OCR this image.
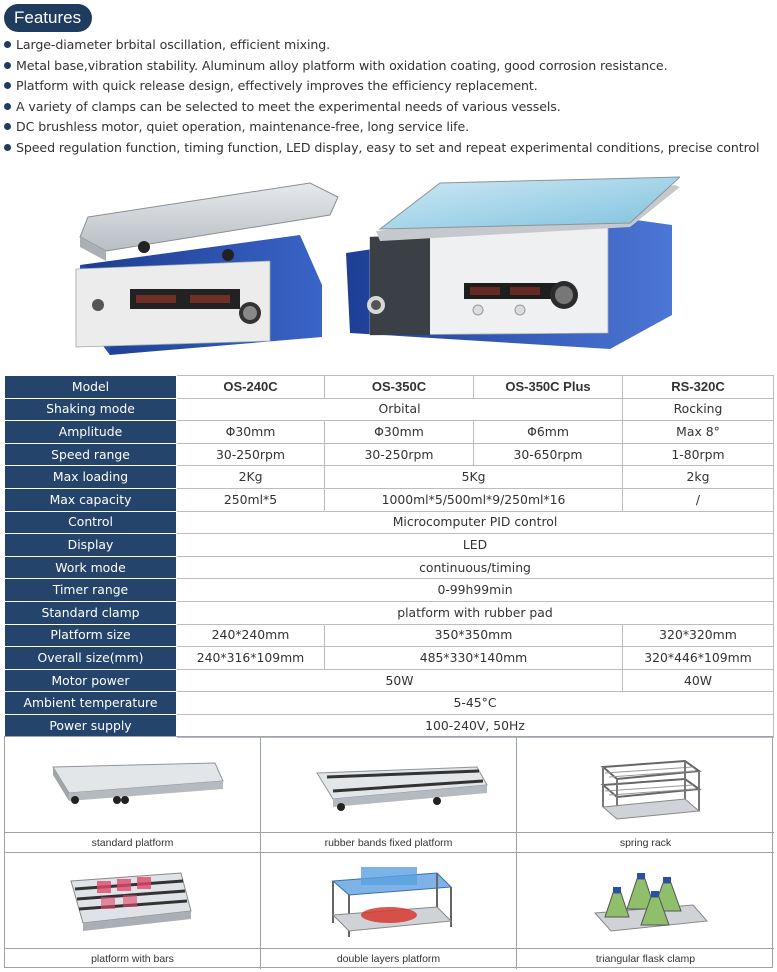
Features
Large-diameter brbital oscillation, efficient mixing.
Metal base,vibration stability. Aluminum alloy platform with oxidation coating, good corrosion resistance.
Platform with quick release design, effectively improves the efficiency replacement.
A variety of clamps can be selected to meet the experimental needs of various vessels.
DC brushless motor, quiet operation, maintenance-free, long service life.
Speed regulation function, timing function, LED display, easy to set and repeat experimental conditions, precise control
Model	OS-240C	OS-350C	OS-350C Plus	RS-320C
Shaking mode	Orbital			Rocking
Amplitude	Φ30mm	Φ30mm	Φ6mm	Max 8°
Speed range	30-250rpm	30-250rpm	30-650rpm	1-80rpm
Max loading	2Kg	5Kg		2kg
Max capacity	250ml*5	1000ml*5/500ml*9/250ml*16		/
Control	Microcomputer PID control			
Display	LED			
Work mode	continuous/timing			
Timer range	0-99h99min			
Standard clamp	platform with rubber pad			
Platform size	240*240mm	350*350mm		320*320mm
Overall size(mm)	240*316*109mm	485*330*140mm		320*446*109mm
Motor power	50W			40W
Ambient temperature	5-45°C			
Power supply	100-240V, 50Hz			
standard platform	rubber bands fixed platform	spring rack
platform with bars	double layers platform	triangular flask clamp
